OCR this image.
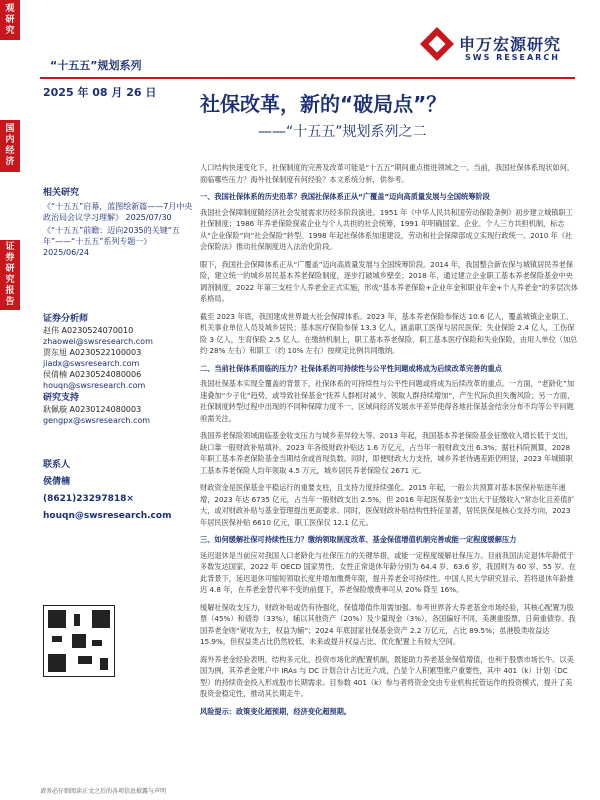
观研究
国内经济
证券研究报告
“十五五”规划系列
申万宏源研究
SWS RESEARCH
2025 年 08 月 26 日 社保改革，新的“破局点”？
——“十五五”规划系列之二
相关研究
《“十五五”启幕，蓝图绘新篇——7月中央政治局会议学习理解》 2025/07/30
《“十五五”前瞻：迈向2035的关键“五年”——“十五五”系列专题一》 2025/06/24
证券分析师
赵伟 A0230524070010
zhaowei@swsresearch.com
贾东旭 A0230522100003
jiadx@swsresearch.com
侯倩楠 A0230524080006
houqn@swsresearch.com
研究支持
耿佩璇 A0230124080003
gengpx@swsresearch.com
联系人
侯倩楠
(8621)23297818×
houqn@swsresearch.com

人口结构快速变化下，社保制度的完善及改革可能是“十五五”期间重点推进领域之一。当前，我国社保体系现状如何，面临哪些压力？海外社保制度有何经验？本文系统分析，供参考。

一、我国社保体系的历史沿革？我国社保体系正从“广覆盖”迈向高质量发展与全国统筹阶段

我国社会保障制度随经济社会发展需求历经多阶段演进。1951 年《中华人民共和国劳动保险条例》初步建立城镇职工社保制度；1986 年养老保险探索企业与个人共担的社会统筹，1991 年明确国家、企业、个人三方共担机制，标志从“企业保险”向“社会保险”转型。1998 年起社保体系加速建设，劳动和社会保障部成立实现行政统一。2010 年《社会保险法》推动社保制度进入法治化阶段。

眼下，我国社会保障体系正从“广覆盖”迈向高质量发展与全国统筹阶段。2014 年，我国整合新农保与城镇居民养老保险，建立统一的城乡居民基本养老保险制度，逐步打破城乡壁垒；2018 年，通过建立企业职工基本养老保险基金中央调剂制度，2022 年第三支柱个人养老金正式实施，形成“基本养老保险+企业年金和职业年金+个人养老金”的多层次体系格局。

截至 2023 年底，我国建成世界最大社会保障体系。2023 年，基本养老保险参保达 10.6 亿人，覆盖城镇企业职工、机关事业单位人员及城乡居民；基本医疗保险参保 13.3 亿人，涵盖职工医保与居民医保；失业保险 2.4 亿人，工伤保险 3 亿人，生育保险 2.5 亿人。在缴纳机制上，职工基本养老保险、职工基本医疗保险和失业保险，由用人单位（加总约 28% 左右）和职工（约 10% 左右）按规定比例共同缴纳。

二、当前社保体系面临的压力？社保体系的可持续性与公平性问题或将成为后续改革完善的重点

我国社保基本实现全覆盖的背景下，社保体系的可持续性与公平性问题或将成为后续改革的重点。一方面，“老龄化”加速叠加“少子化”趋势，或导致社保基金“抚养人群相对减少、领取人群持续增加”，产生代际负担失衡风险；另一方面，社保制度转型过程中出现的不同种保障力度不一、区域间经济发展水平差异使得各地社保基金结余分布不均等公平问题亟需关注。

我国养老保险领域面临基金收支压力与城乡差异较大等。2013 年起，我国基本养老保险基金征缴收入增长低于支出，缺口靠一般财政补贴填补。2023 年各级财政补贴达 1.6 万亿元，占当年一般财政支出 6.3%；据社科院测算，2028 年职工基本养老保险基金当期结余或首现负数。同时，即便财政大力支持，城乡养老待遇差距仍明显，2023 年城镇职工基本养老保险人均年领取 4.5 万元，城乡居民养老保险仅 2671 元。

财政资金是医保基金平稳运行的重要支柱，且支持力度持续强化。2015 年起，一般公共预算对基本医保补贴逐年递增，2023 年达 6735 亿元，占当年一般财政支出 2.5%，但 2016 年起医保基金“支出大于征缴收入”常态化且差值扩大，或对财政补贴与基金管理提出更高要求。同时，医保财政补贴结构性特征显著，居民医保是核心支持方向，2023 年居民医保补贴 6610 亿元，职工医保仅 12.1 亿元。

三、如何缓解社保可持续性压力？缴纳领取制度改革、基金保值增值机制完善或能一定程度缓解压力

延迟退休是当前应对我国人口老龄化与社保压力的关键举措，或能一定程度缓解社保压力。目前我国法定退休年龄低于多数发达国家，2022 年 OECD 国家男性、女性正常退休年龄分别为 64.4 岁、63.6 岁，我国则为 60 岁、55 岁。在此背景下，延迟退休可缩短领取长度并增加缴费年限，提升养老金可持续性。中国人民大学研究显示，若将退休年龄推迟 4.8 年，在养老金替代率不变的前提下，养老保险缴费率可从 20% 降至 16%。

缓解社保收支压力，财政补贴或仍有待强化，保值增值作用需加强。参考世界各大养老基金市场经验，其核心配置为股票（45%）和债券（33%），辅以其他资产（20%）及少量现金（3%），各国偏好不同，美澳重股票，日荷重债券。我国养老金则“宽收为主，权益为辅”；2024 年底国家社保基金资产 2.2 万亿元，占比 89.5%；虽港股类收益达 15.9%，但权益类占比仍然较低，未来或提升权益占比、优化配置上有较大空间。

海外养老金经验表明，结构多元化、投资市场化的配置机制，既能助力养老基金保值增值，也利于股票市场长牛。以美国为例，其养老金账户中 IRAs 与 DC 计划合计占比近六成，凸显个人积累型账户重要性，其中 401（k）计划（DC 型）的持续资金投入形成股市长期需求。目参数 401（k）参与者将资金交由专业机构托管运作的投资模式，提升了美股资金稳定性，推动其长期走牛。

风险提示：政策变化超预期，经济变化超预期。

请务必仔细阅读正文之后的各项信息披露与声明
